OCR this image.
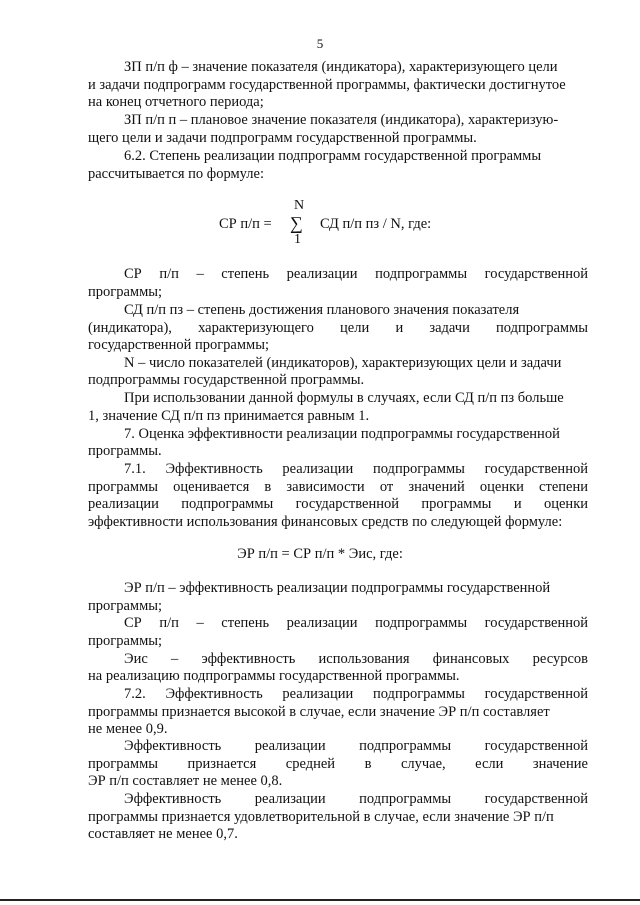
5
ЗП п/п ф – значение показателя (индикатора), характеризующего цели
и задачи подпрограмм государственной программы, фактически достигнутое
на конец отчетного периода;
ЗП п/п п – плановое значение показателя (индикатора), характеризую-
щего цели и задачи подпрограмм государственной программы.
6.2. Степень реализации подпрограмм государственной программы
рассчитывается по формуле:
N
СР п/п = ∑ СД п/п пз / N, где:
1
СР п/п – степень реализации подпрограммы государственной
программы;
СД п/п пз – степень достижения планового значения показателя
(индикатора), характеризующего цели и задачи подпрограммы
государственной программы;
N – число показателей (индикаторов), характеризующих цели и задачи
подпрограммы государственной программы.
При использовании данной формулы в случаях, если СД п/п пз больше
1, значение СД п/п пз принимается равным 1.
7. Оценка эффективности реализации подпрограммы государственной
программы.
7.1. Эффективность реализации подпрограммы государственной
программы оценивается в зависимости от значений оценки степени
реализации подпрограммы государственной программы и оценки
эффективности использования финансовых средств по следующей формуле:
ЭР п/п = СР п/п * Эис, где:
ЭР п/п – эффективность реализации подпрограммы государственной
программы;
СР п/п – степень реализации подпрограммы государственной
программы;
Эис – эффективность использования финансовых ресурсов
на реализацию подпрограммы государственной программы.
7.2. Эффективность реализации подпрограммы государственной
программы признается высокой в случае, если значение ЭР п/п составляет
не менее 0,9.
Эффективность реализации подпрограммы государственной
программы признается средней в случае, если значение
ЭР п/п составляет не менее 0,8.
Эффективность реализации подпрограммы государственной
программы признается удовлетворительной в случае, если значение ЭР п/п
составляет не менее 0,7.
